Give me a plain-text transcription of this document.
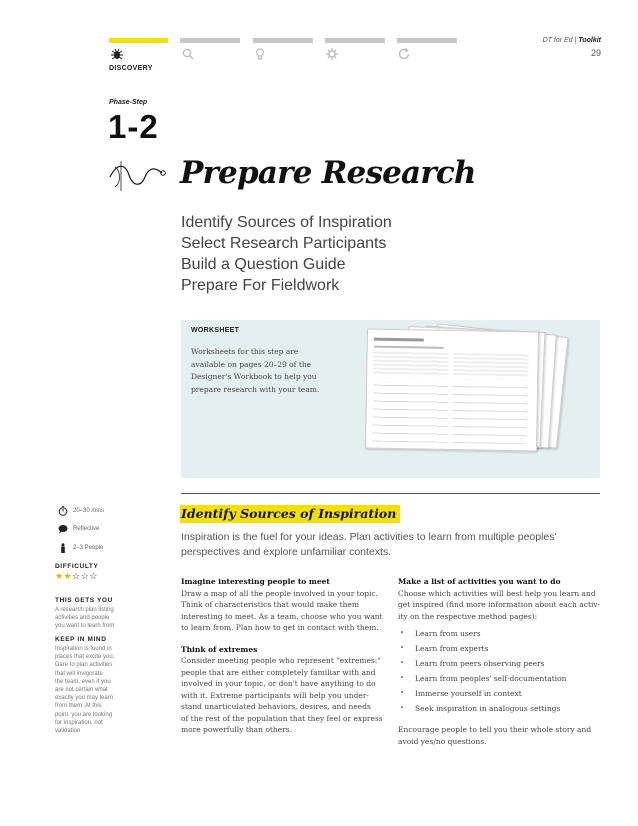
DT for Ed | Toolkit
29
DISCOVERY
Phase-Step
1-2
Prepare Research
Identify Sources of Inspiration
Select Research Participants
Build a Question Guide
Prepare For Fieldwork
WORKSHEET
Worksheets for this step are
available on pages 20–29 of the
Designer's Workbook to help you
prepare research with your team.
20–30 mins
Reflective
2–3 People
DIFFICULTY
★★☆☆☆
THIS GETS YOU
A research plan listing
activities and people
you want to learn from
KEEP IN MIND
Inspiration is found in
places that excite you.
Dare to plan activities
that will invigorate
the team, even if you
are not certain what
exactly you may learn
from them. At this
point, you are looking
for inspiration, not
validation
Identify Sources of Inspiration
Inspiration is the fuel for your ideas. Plan activities to learn from multiple peoples' perspectives and explore unfamiliar contexts.
Imagine interesting people to meet

Draw a map of all the people involved in your topic.
Think of characteristics that would make them
interesting to meet. As a team, choose who you want
to learn from. Plan how to get in contact with them.

Think of extremes

Consider meeting people who represent "extremes:"
people that are either completely familiar with and
involved in your topic, or don't have anything to do
with it. Extreme participants will help you under-
stand unarticulated behaviors, desires, and needs
of the rest of the population that they feel or express
more powerfully than others.

Make a list of activities you want to do

Choose which activities will best help you learn and
get inspired (find more information about each activ-
ity on the respective method pages):

• Learn from users
• Learn from experts
• Learn from peers observing peers
• Learn from peoples' self-documentation
• Immerse yourself in context
• Seek inspiration in analogous settings

Encourage people to tell you their whole story and
avoid yes/no questions.
